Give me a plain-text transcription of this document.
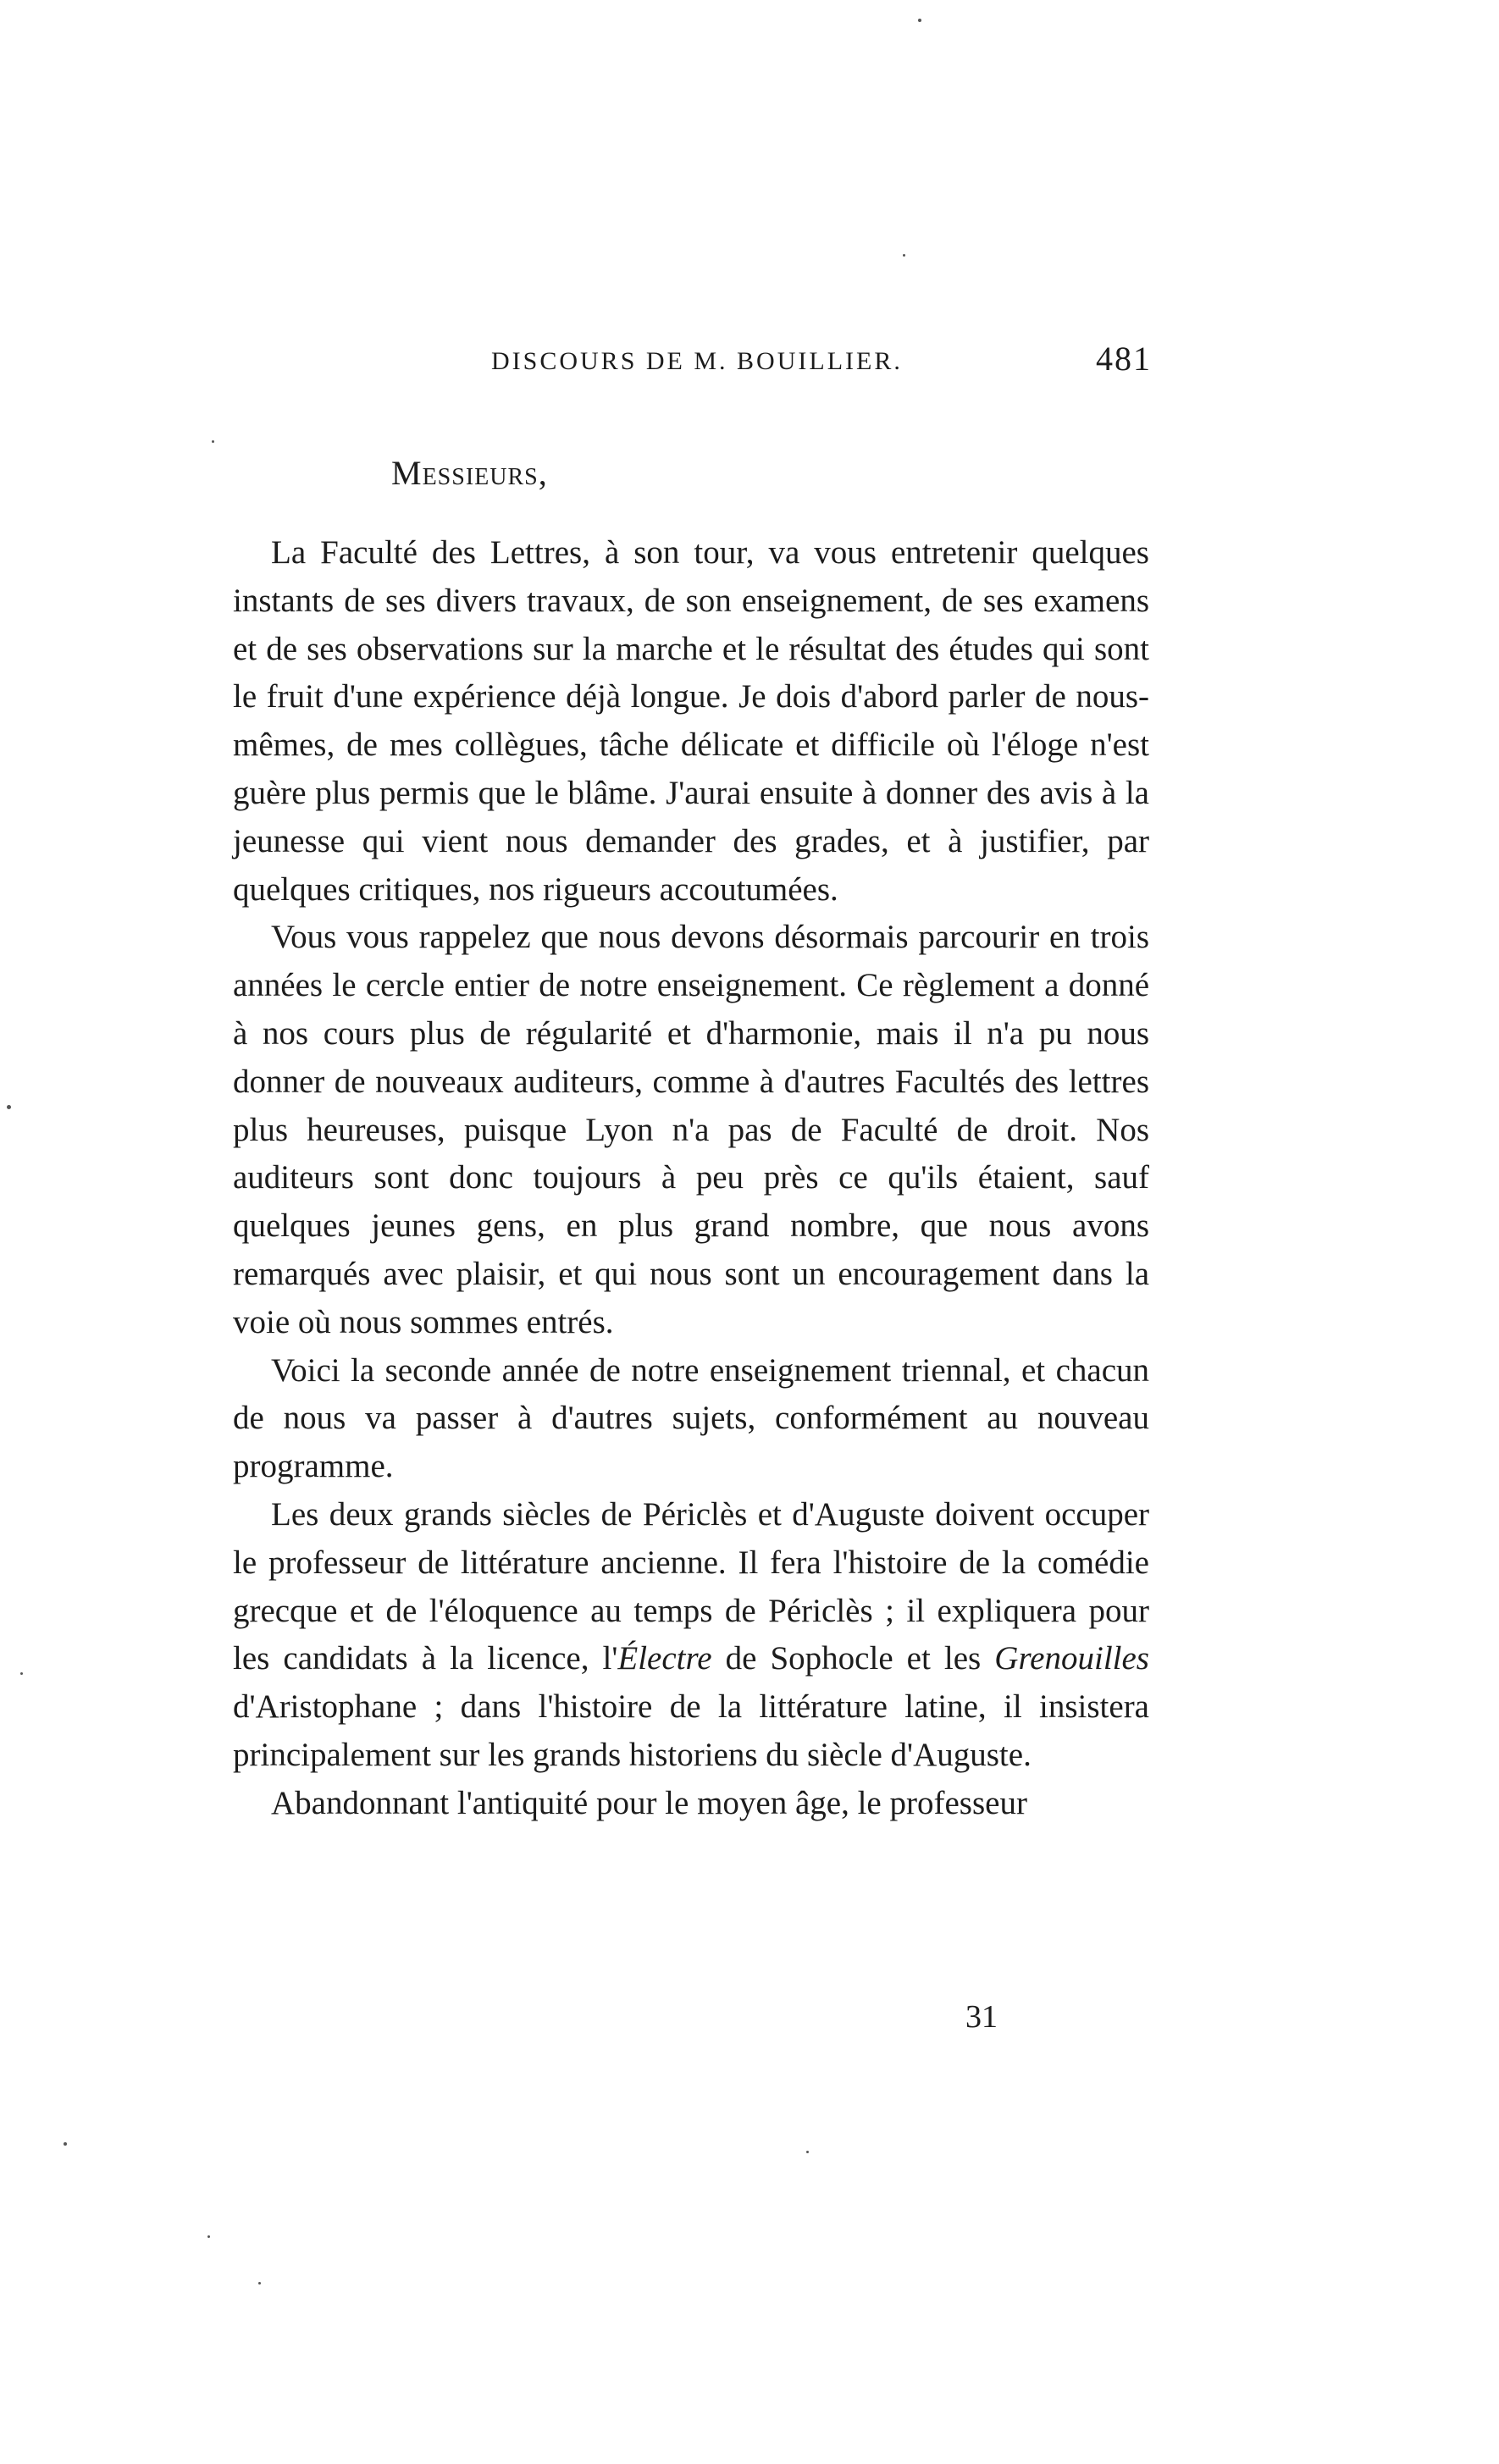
DISCOURS DE M. BOUILLIER.	481
Messieurs,

La Faculté des Lettres, à son tour, va vous entretenir quelques instants de ses divers travaux, de son enseignement, de ses examens et de ses observations sur la marche et le résultat des études qui sont le fruit d'une expérience déjà longue. Je dois d'abord parler de nous-mêmes, de mes collègues, tâche délicate et difficile où l'éloge n'est guère plus permis que le blâme. J'aurai ensuite à donner des avis à la jeunesse qui vient nous demander des grades, et à justifier, par quelques critiques, nos rigueurs accoutumées.

Vous vous rappelez que nous devons désormais parcourir en trois années le cercle entier de notre enseignement. Ce règlement a donné à nos cours plus de régularité et d'harmonie, mais il n'a pu nous donner de nouveaux auditeurs, comme à d'autres Facultés des lettres plus heureuses, puisque Lyon n'a pas de Faculté de droit. Nos auditeurs sont donc toujours à peu près ce qu'ils étaient, sauf quelques jeunes gens, en plus grand nombre, que nous avons remarqués avec plaisir, et qui nous sont un encouragement dans la voie où nous sommes entrés.

Voici la seconde année de notre enseignement triennal, et chacun de nous va passer à d'autres sujets, conformément au nouveau programme.

Les deux grands siècles de Périclès et d'Auguste doivent occuper le professeur de littérature ancienne. Il fera l'histoire de la comédie grecque et de l'éloquence au temps de Périclès ; il expliquera pour les candidats à la licence, l'Électre de Sophocle et les Grenouilles d'Aristophane ; dans l'histoire de la littérature latine, il insistera principalement sur les grands historiens du siècle d'Auguste.

Abandonnant l'antiquité pour le moyen âge, le professeur

31
